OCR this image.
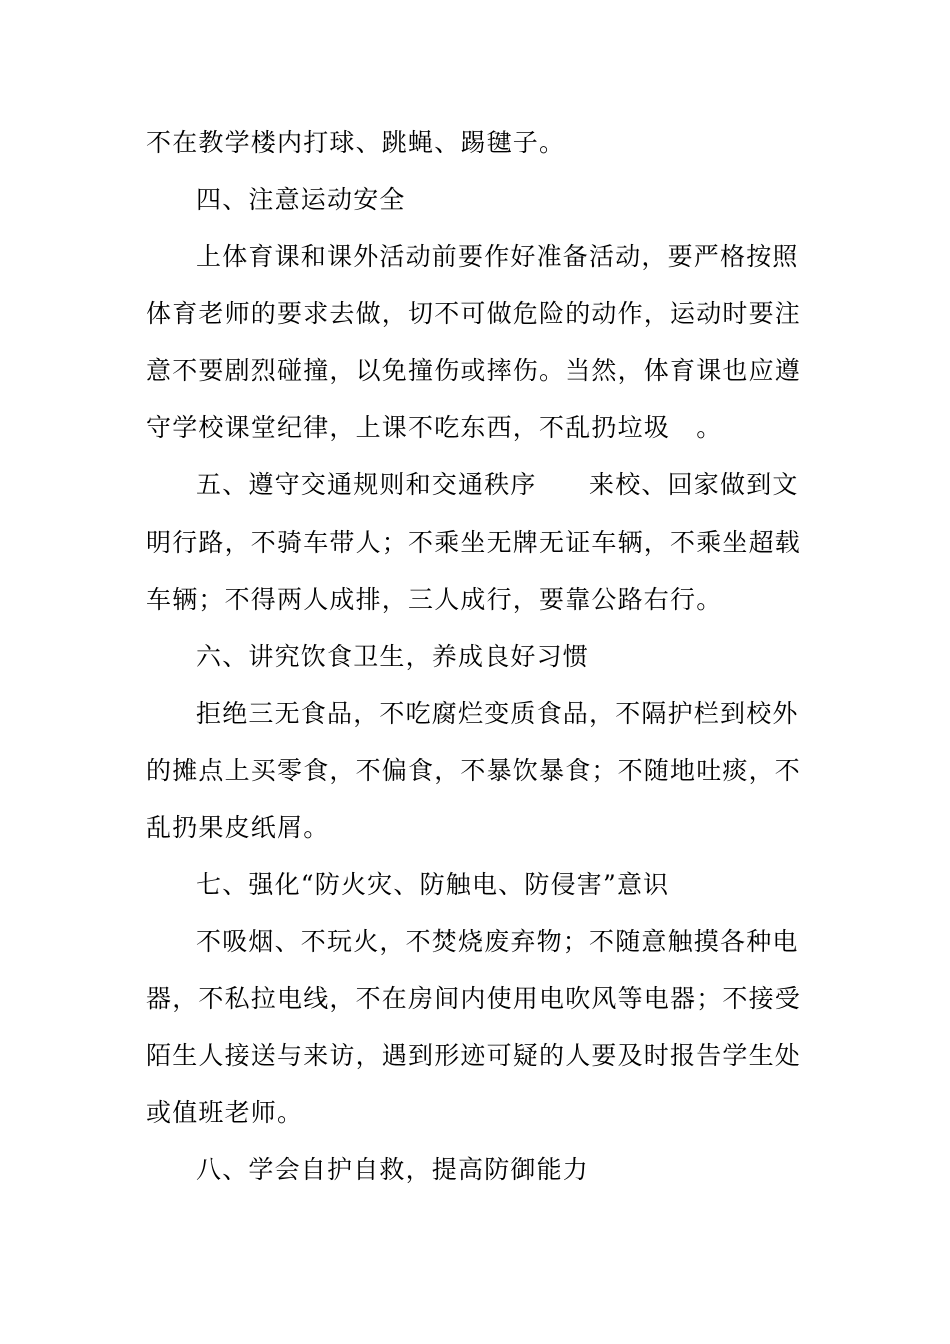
不在教学楼内打球、跳蝇、踢毽子。
四、注意运动安全
上体育课和课外活动前要作好准备活动，要严格按照
体育老师的要求去做，切不可做危险的动作，运动时要注
意不要剧烈碰撞，以免撞伤或摔伤。当然，体育课也应遵
守学校课堂纪律，上课不吃东西，不乱扔垃圾　。
五、遵守交通规则和交通秩序　　来校、回家做到文
明行路，不骑车带人；不乘坐无牌无证车辆，不乘坐超载
车辆；不得两人成排，三人成行，要靠公路右行。
六、讲究饮食卫生，养成良好习惯
拒绝三无食品，不吃腐烂变质食品，不隔护栏到校外
的摊点上买零食，不偏食，不暴饮暴食；不随地吐痰，不
乱扔果皮纸屑。
七、强化“防火灾、防触电、防侵害”意识
不吸烟、不玩火，不焚烧废弃物；不随意触摸各种电
器，不私拉电线，不在房间内使用电吹风等电器；不接受
陌生人接送与来访，遇到形迹可疑的人要及时报告学生处
或值班老师。
八、学会自护自救，提高防御能力
